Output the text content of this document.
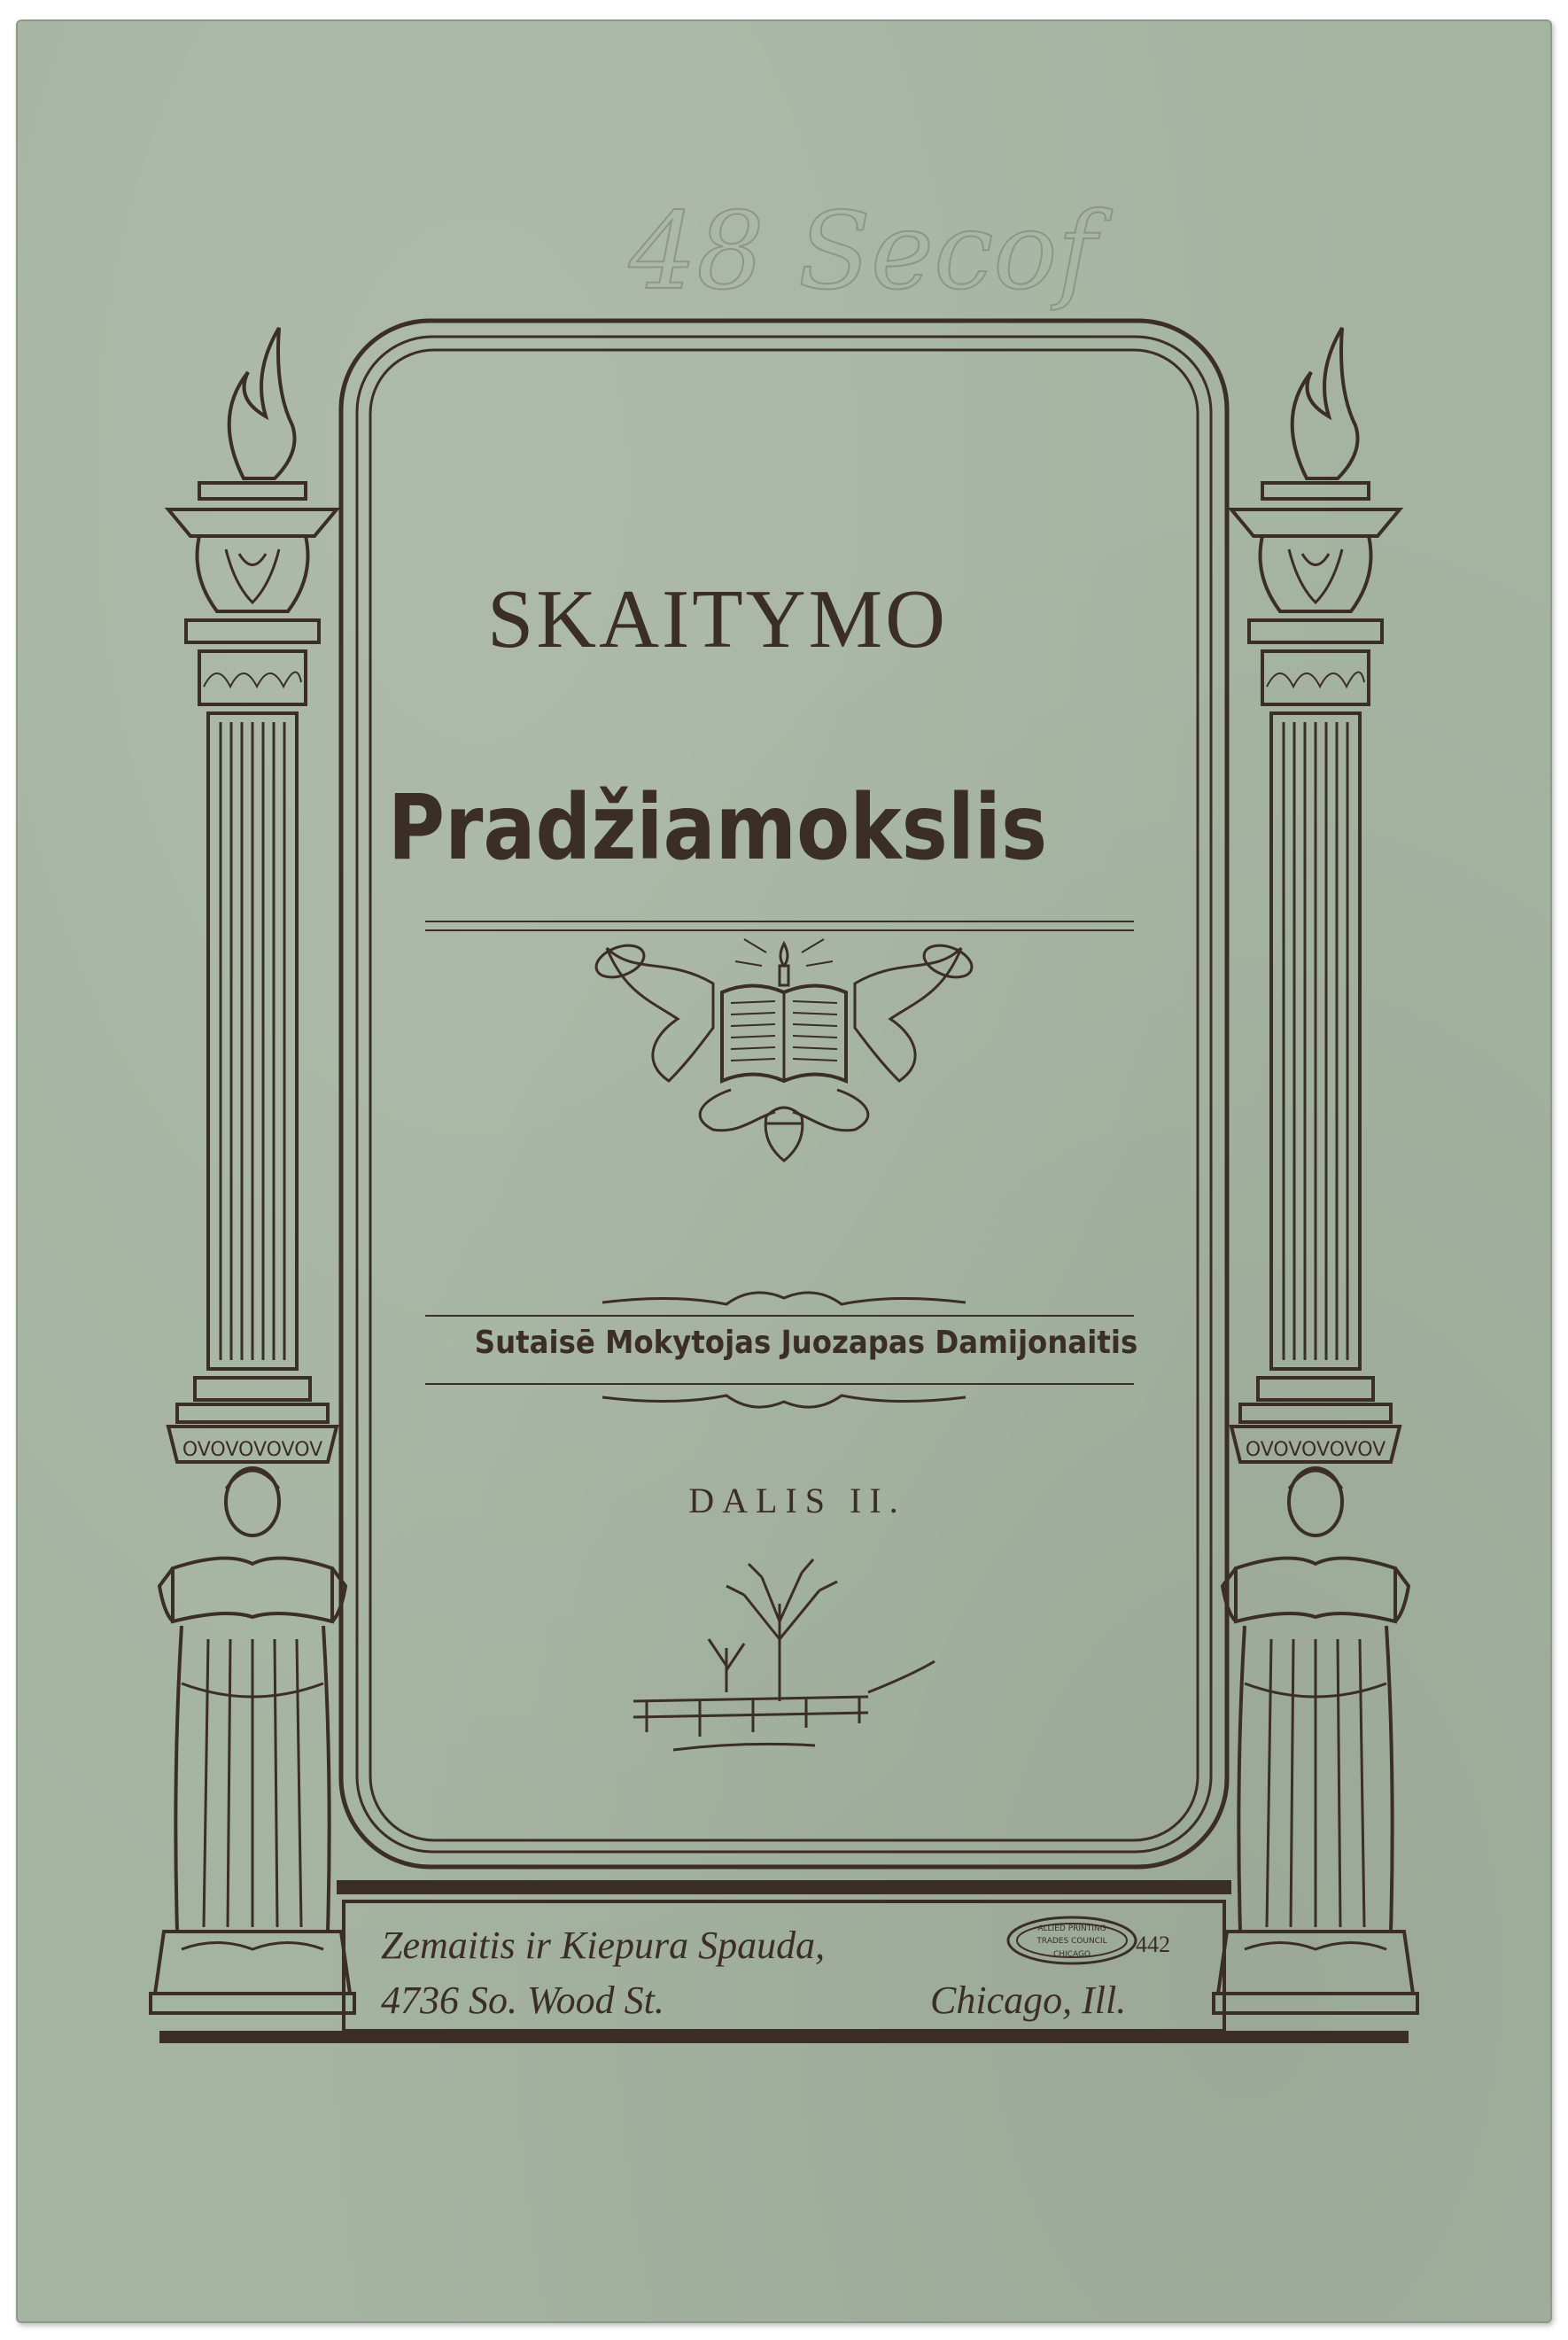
OVOVOVOVOV	OVOVOVOVOV
48 Secof
SKAITYMO
Pradžiamokslis
Sutaisē Mokytojas Juozapas Damijonaitis
DALIS II.
Zemaitis ir Kiepura Spauda,
4736 So. Wood St.	Chicago, Ill.
442
ALLIED PRINTING
TRADES COUNCIL
CHICAGO
